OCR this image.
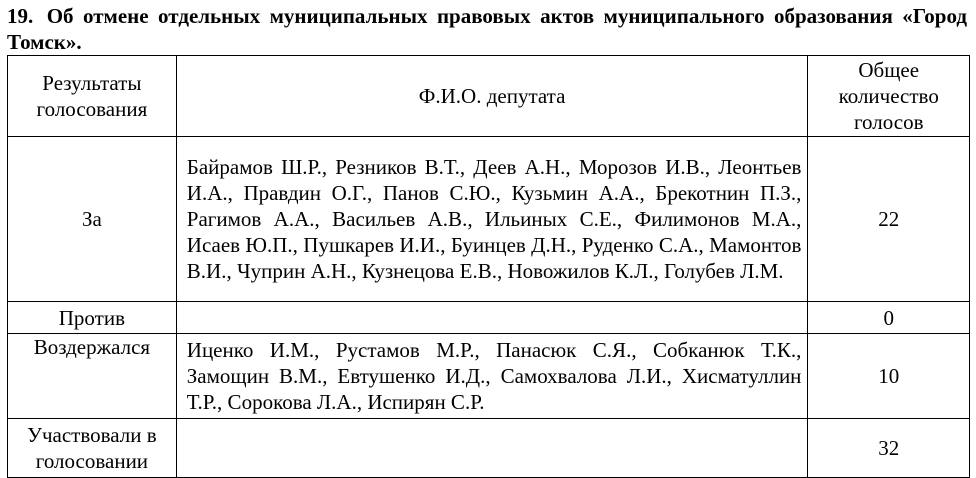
19. Об отмене отдельных муниципальных правовых актов муниципального образования «Город Томск».
Результаты голосования	Ф.И.О. депутата	Общее количество голосов
За	Байрамов Ш.Р., Резников В.Т., Деев А.Н., Морозов И.В., Леонтьев И.А., Правдин О.Г., Панов С.Ю., Кузьмин А.А., Брекотнин П.З., Рагимов А.А., Васильев А.В., Ильиных С.Е., Филимонов М.А., Исаев Ю.П., Пушкарев И.И., Буинцев Д.Н., Руденко С.А., Мамонтов В.И., Чуприн А.Н., Кузнецова Е.В., Новожилов К.Л., Голубев Л.М.	22
Против		0
Воздержался	Иценко И.М., Рустамов М.Р., Панасюк С.Я., Собканюк Т.К., Замощин В.М., Евтушенко И.Д., Самохвалова Л.И., Хисматуллин Т.Р., Сорокова Л.А., Испирян С.Р.	10
Участвовали в голосовании		32
